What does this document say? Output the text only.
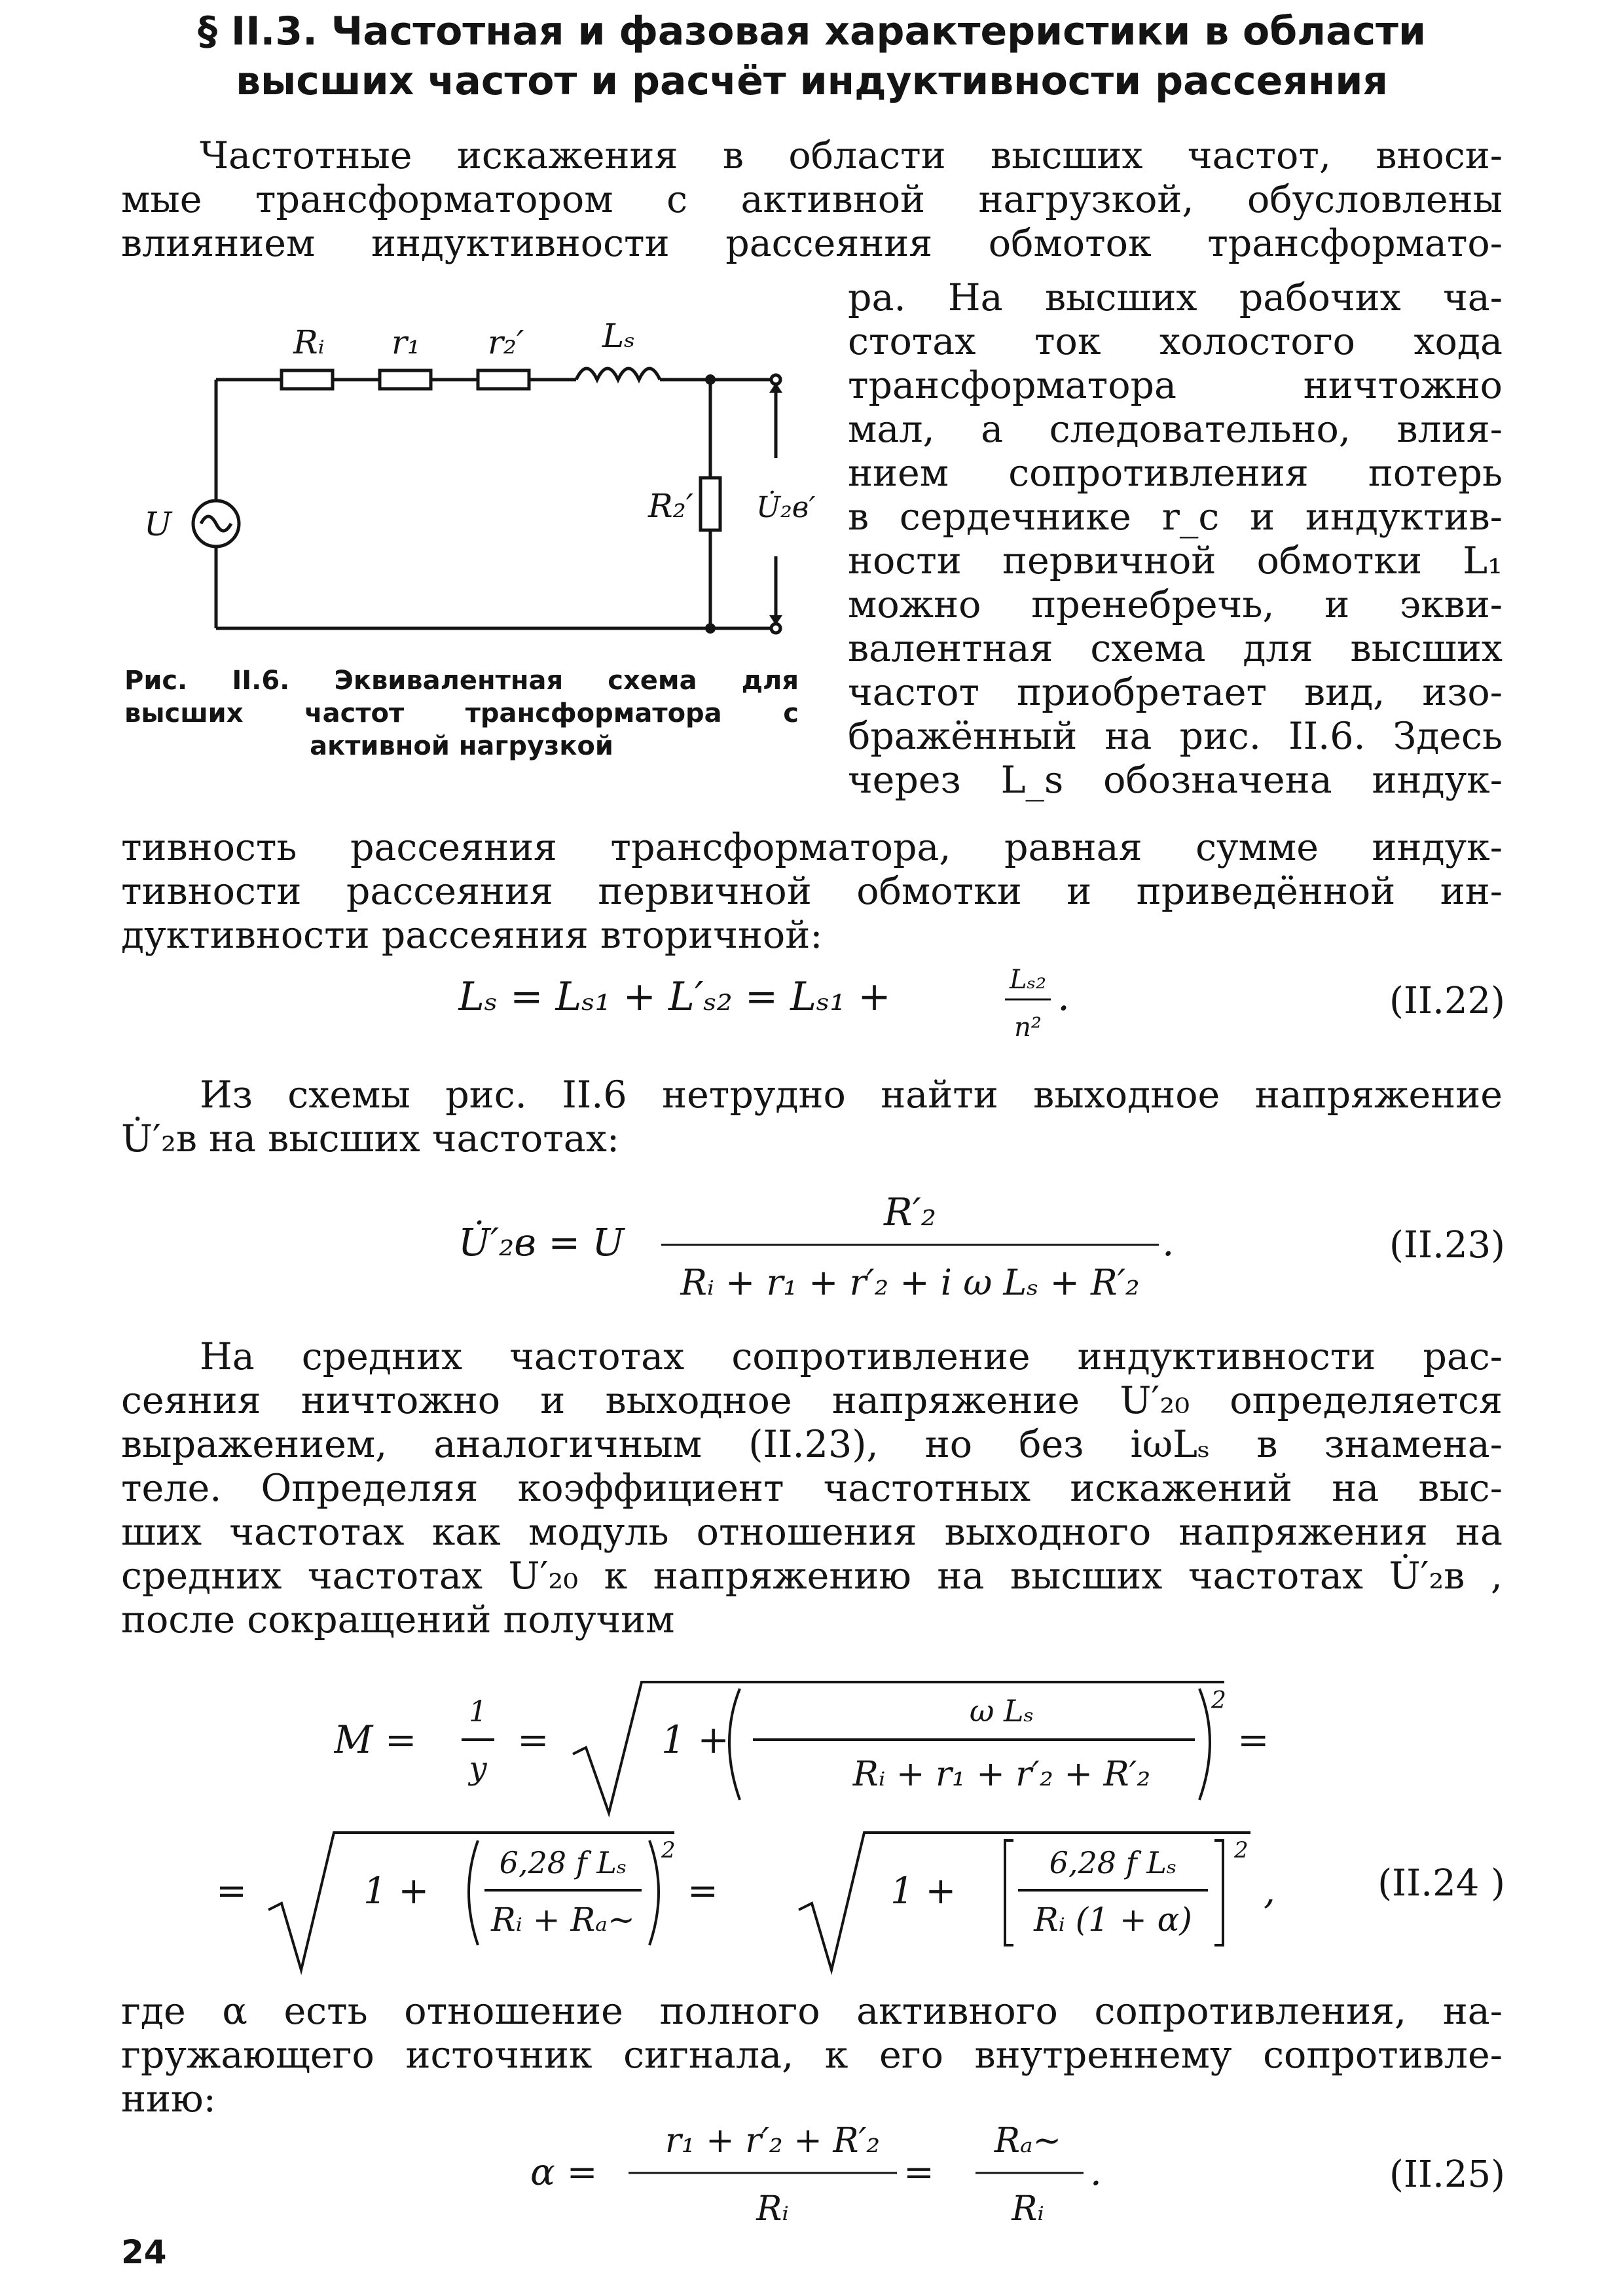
§ II.3. Частотная и фазовая характеристики в области
высших частот и расчёт индуктивности рассеяния
Частотные искажения в области высших частот, вноси-
мые трансформатором с активной нагрузкой, обусловлены
влиянием индуктивности рассеяния обмоток трансформато-
ра. На высших рабочих ча-
стотах ток холостого хода
трансформатора ничтожно
мал, а следовательно, влия-
нием сопротивления потерь
в сердечнике r_c и индуктив-
ности первичной обмотки L₁
можно пренебречь, и экви-
валентная схема для высших
частот приобретает вид, изо-
бражённый на рис. II.6. Здесь
через L_s обозначена индук-
тивность рассеяния трансформатора, равная сумме индук-
тивности рассеяния первичной обмотки и приведённой ин-
дуктивности рассеяния вторичной:
U
Rᵢ r₁ r₂′ Lₛ
R₂′ U̇₂в′
Рис. II.6. Эквивалентная схема для
высших частот трансформатора с
активной нагрузкой
Lₛ = Lₛ₁ + L′ₛ₂ = Lₛ₁ +	Lₛ₂
n²
.	(II.22)
Из схемы рис. II.6 нетрудно найти выходное напряжение
U̇′₂в на высших частотах:
U̇′₂в = U
R′₂
Rᵢ + r₁ + r′₂ + i ω Lₛ + R′₂
.	(II.23)
На средних частотах сопротивление индуктивности рас-
сеяния ничтожно и выходное напряжение U′₂₀ определяется
выражением, аналогичным (II.23), но без iωLₛ в знамена-
теле. Определяя коэффициент частотных искажений на выс-
ших частотах как модуль отношения выходного напряжения на
средних частотах U′₂₀ к напряжению на высших частотах U̇′₂в ,
после сокращений получим
M =
1
y
=	1 +
ω Lₛ
Rᵢ + r₁ + r′₂ + R′₂
2
=
=	1 +
6,28 f Lₛ
Rᵢ + Rₐ~
2
=	1 +
6,28 f Lₛ
Rᵢ (1 + α)
2
,	(II.24 )
где α есть отношение полного активного сопротивления, на-
гружающего источник сигнала, к его внутреннему сопротивле-
нию:
α =
r₁ + r′₂ + R′₂
Rᵢ
=
Rₐ~
Rᵢ
.	(II.25)
24
